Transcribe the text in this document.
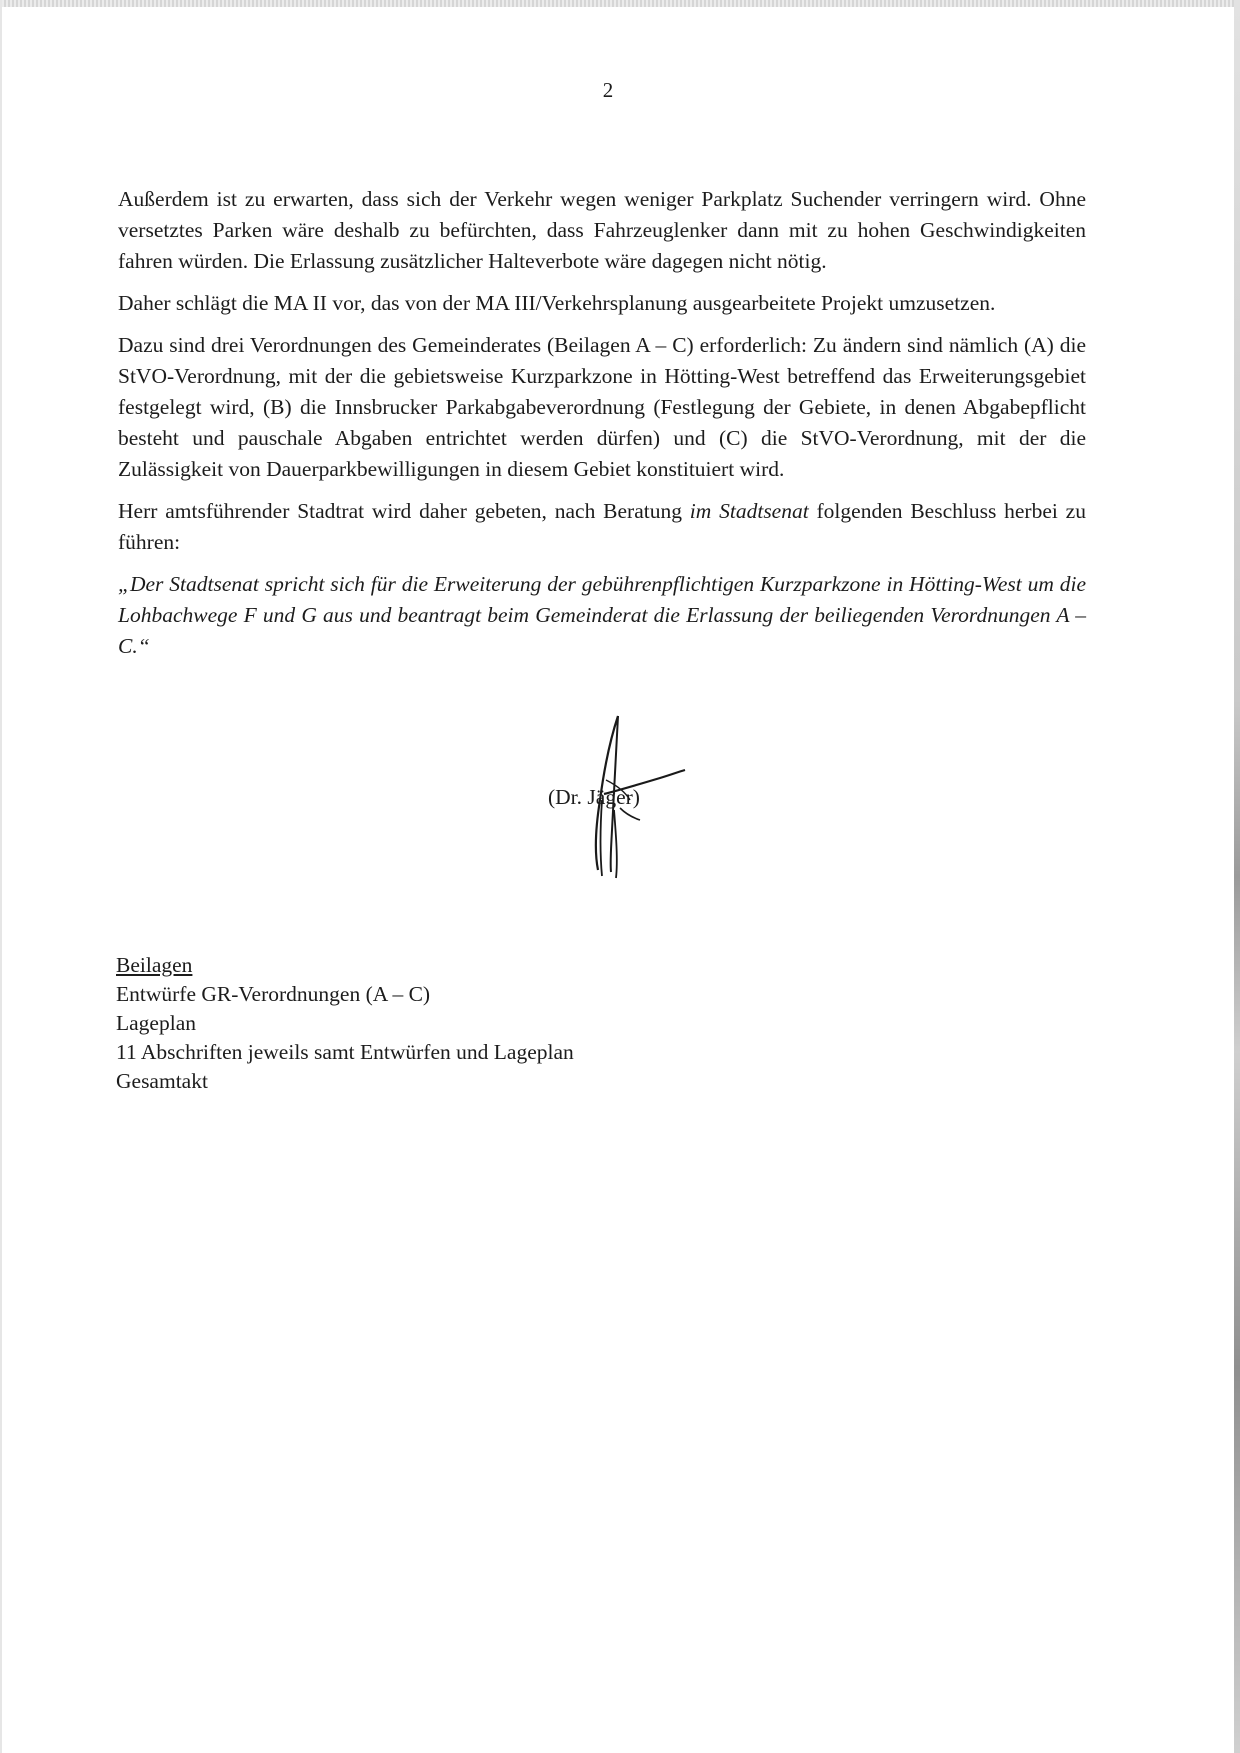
2

Außerdem ist zu erwarten, dass sich der Verkehr wegen weniger Parkplatz Suchender verringern wird. Ohne versetztes Parken wäre deshalb zu befürchten, dass Fahrzeuglenker dann mit zu hohen Geschwindigkeiten fahren würden. Die Erlassung zusätzlicher Halteverbote wäre dagegen nicht nötig.

Daher schlägt die MA II vor, das von der MA III/Verkehrsplanung ausgearbeitete Projekt umzusetzen.

Dazu sind drei Verordnungen des Gemeinderates (Beilagen A – C) erforderlich: Zu ändern sind nämlich (A) die StVO-Verordnung, mit der die gebietsweise Kurzparkzone in Hötting-West betreffend das Erweiterungsgebiet festgelegt wird, (B) die Innsbrucker Parkabgabeverordnung (Festlegung der Gebiete, in denen Abgabepflicht besteht und pauschale Abgaben entrichtet werden dürfen) und (C) die StVO-Verordnung, mit der die Zulässigkeit von Dauerparkbewilligungen in diesem Gebiet konstituiert wird.

Herr amtsführender Stadtrat wird daher gebeten, nach Beratung im Stadtsenat folgenden Beschluss herbei zu führen:

„Der Stadtsenat spricht sich für die Erweiterung der gebührenpflichtigen Kurzparkzone in Hötting-West um die Lohbachwege F und G aus und beantragt beim Gemeinderat die Erlassung der beiliegenden Verordnungen A – C.“

(Dr. Jäger)
Beilagen
Entwürfe GR-Verordnungen (A – C)
Lageplan
11 Abschriften jeweils samt Entwürfen und Lageplan
Gesamtakt
